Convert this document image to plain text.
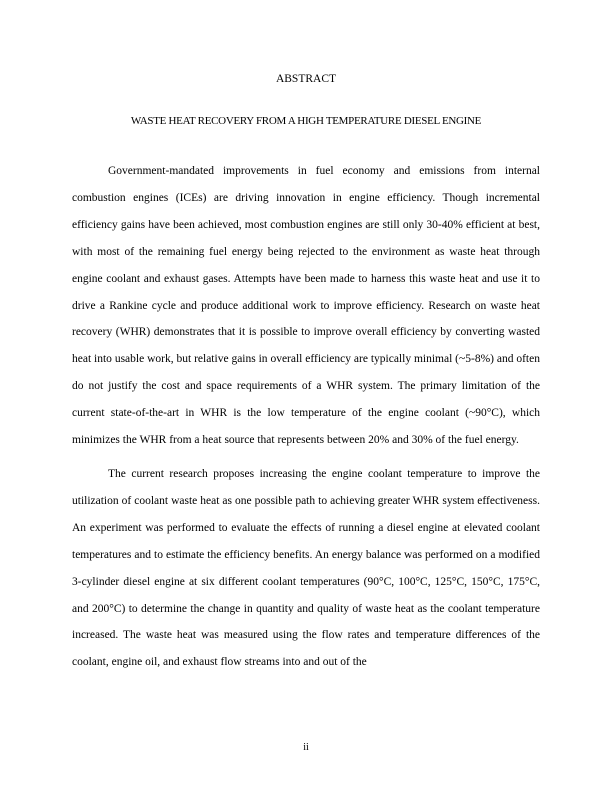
ABSTRACT
WASTE HEAT RECOVERY FROM A HIGH TEMPERATURE DIESEL ENGINE

Government-mandated improvements in fuel economy and emissions from internal combustion engines (ICEs) are driving innovation in engine efficiency. Though incremental efficiency gains have been achieved, most combustion engines are still only 30-40% efficient at best, with most of the remaining fuel energy being rejected to the environment as waste heat through engine coolant and exhaust gases. Attempts have been made to harness this waste heat and use it to drive a Rankine cycle and produce additional work to improve efficiency. Research on waste heat recovery (WHR) demonstrates that it is possible to improve overall efficiency by converting wasted heat into usable work, but relative gains in overall efficiency are typically minimal (~5-8%) and often do not justify the cost and space requirements of a WHR system. The primary limitation of the current state-of-the-art in WHR is the low temperature of the engine coolant (~90°C), which minimizes the WHR from a heat source that represents between 20% and 30% of the fuel energy.

The current research proposes increasing the engine coolant temperature to improve the utilization of coolant waste heat as one possible path to achieving greater WHR system effectiveness. An experiment was performed to evaluate the effects of running a diesel engine at elevated coolant temperatures and to estimate the efficiency benefits. An energy balance was performed on a modified 3-cylinder diesel engine at six different coolant temperatures (90°C, 100°C, 125°C, 150°C, 175°C, and 200°C) to determine the change in quantity and quality of waste heat as the coolant temperature increased. The waste heat was measured using the flow rates and temperature differences of the coolant, engine oil, and exhaust flow streams into and out of the

ii
